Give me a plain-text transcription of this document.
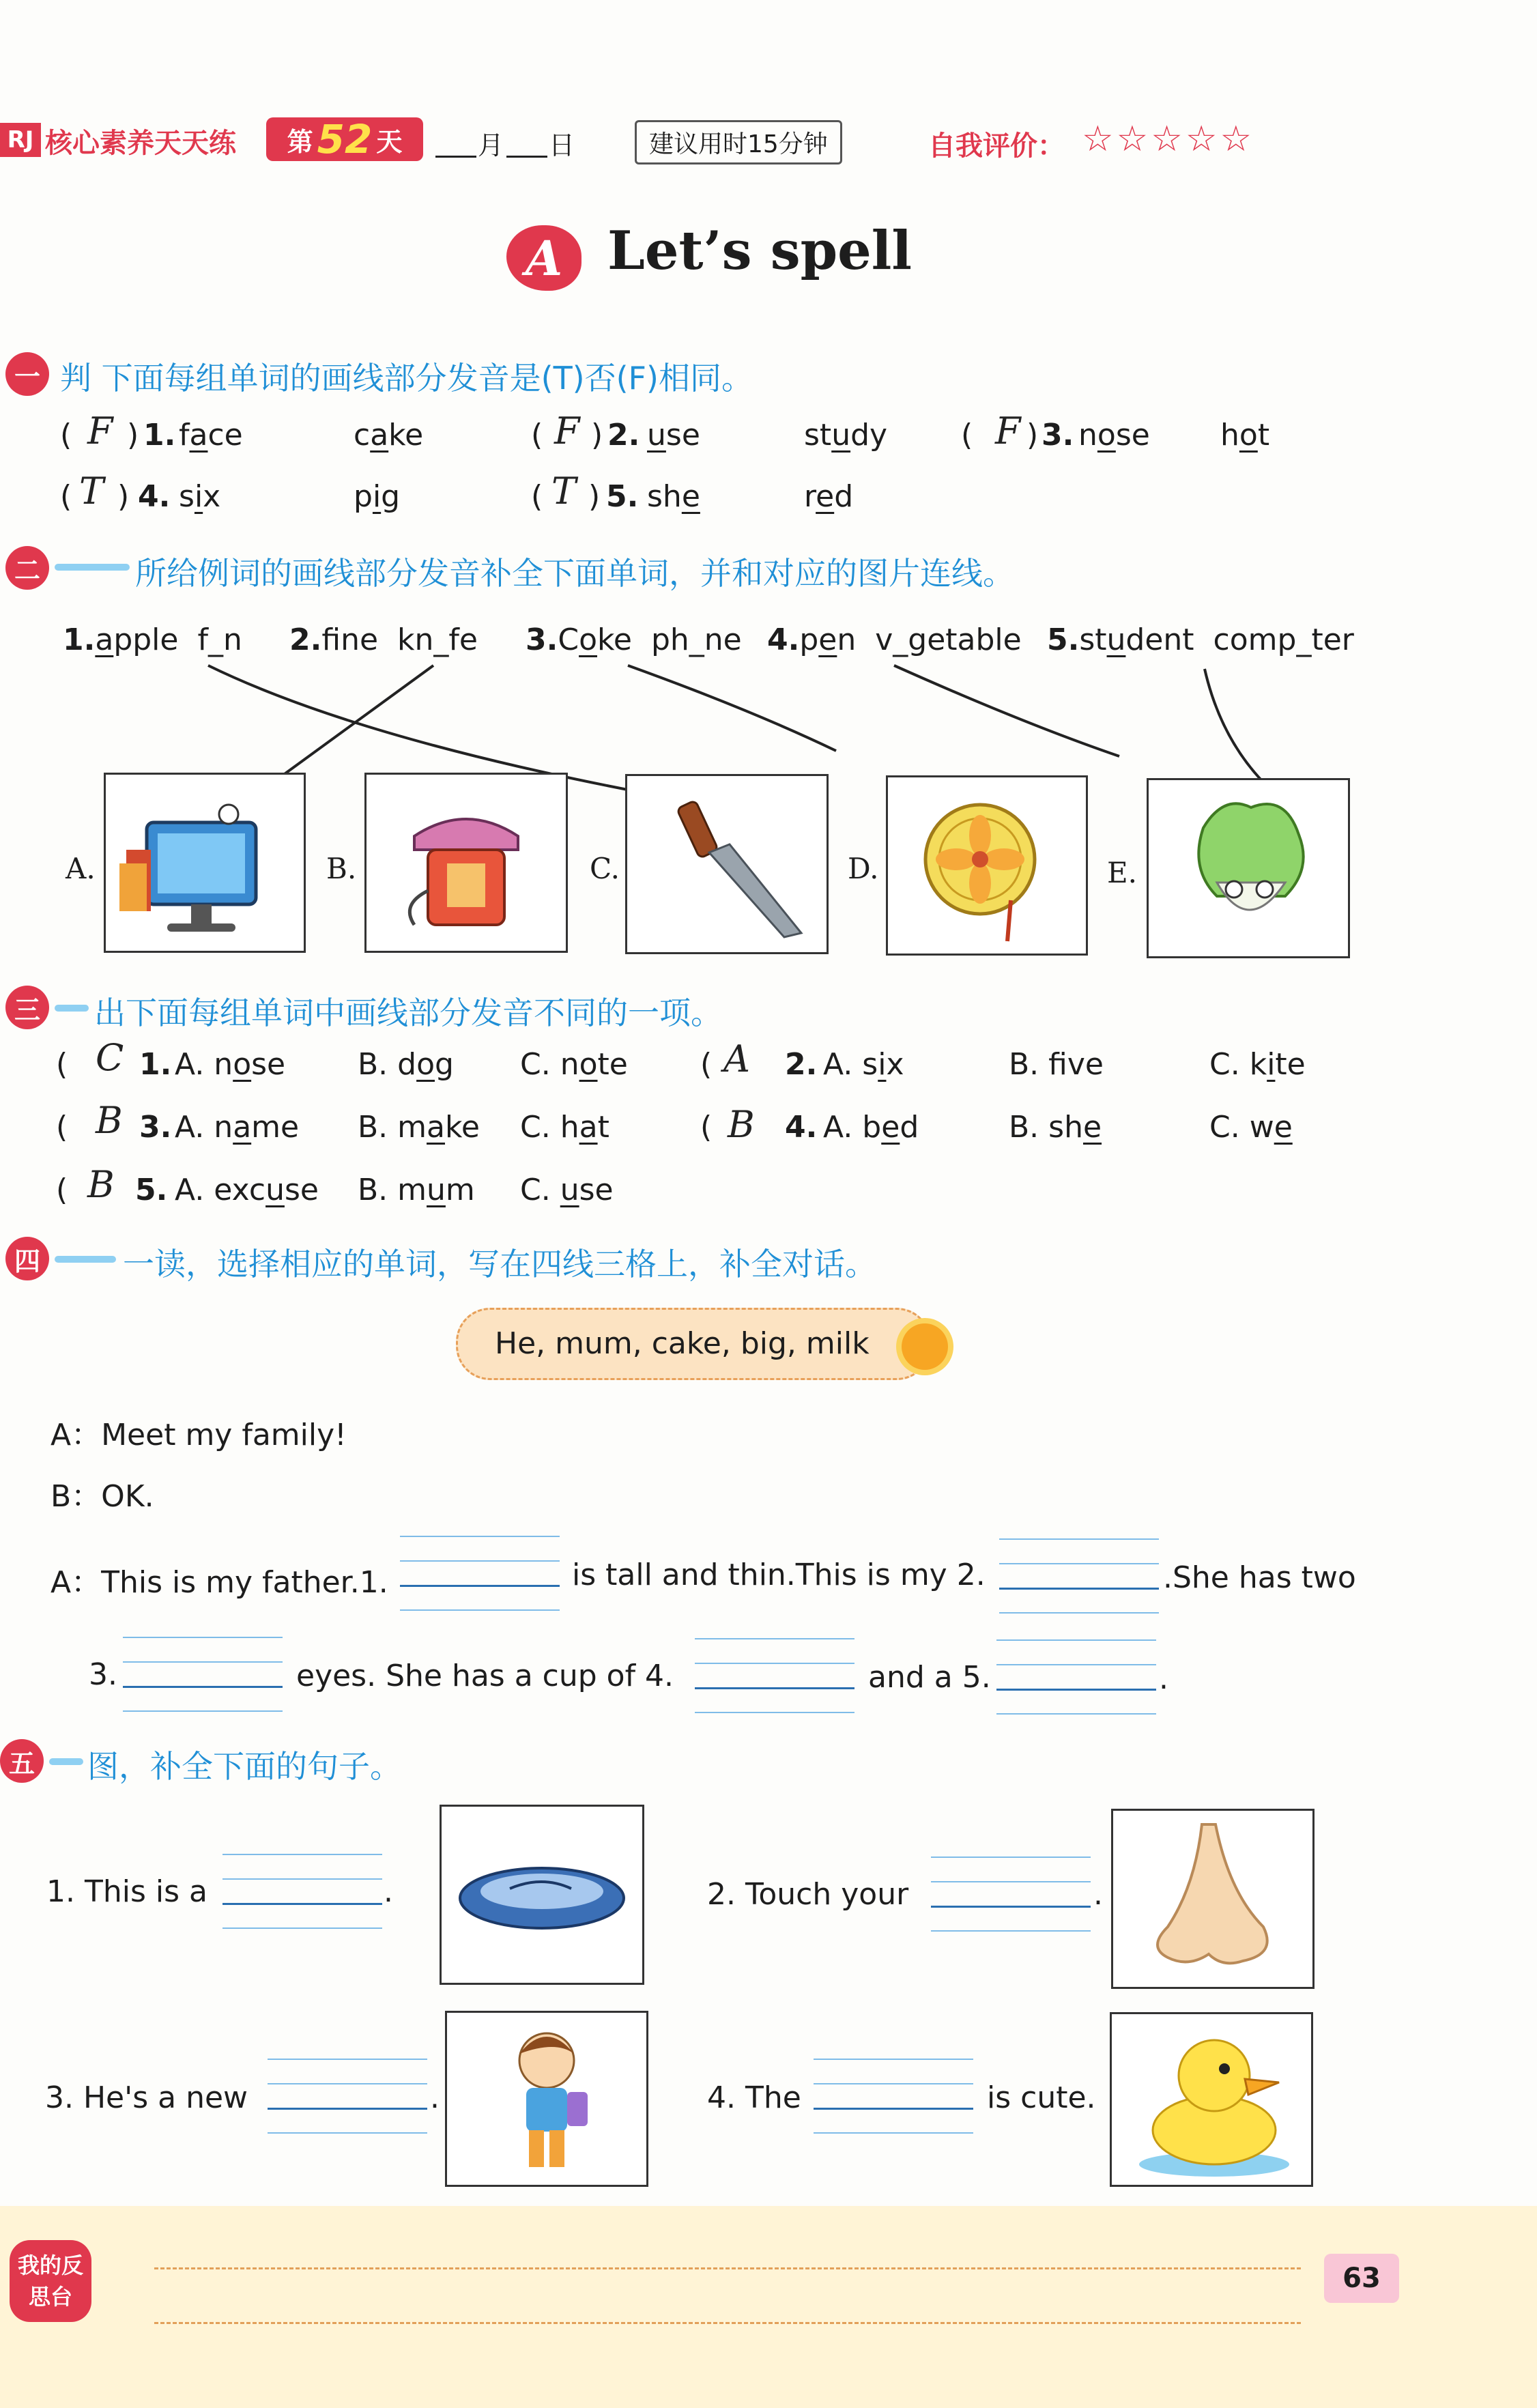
RJ 核心素养天天练 第 52 天	月 日	建议用时15分钟	自我评价： ☆☆☆☆☆
A Let’s spell
一 判 下面每组单词的画线部分发音是(T)否(F)相同。
( F ) 1. face	cake	( F ) 2. use	study ( F ) 3. nose hot
( T ) 4. six	pig	( T ) 5. she	red
二	所给例词的画线部分发音补全下面单词，并和对应的图片连线。
1.apple f_n 2.fne kn_fe 3.Coke ph_ne 4.pen v_getable 5.student comp_ter
A.	B.	C.	D.	E.
三 出下面每组单词中画线部分发音不同的一项。
( C 1. A. nose B. dog C. note ( A 2. A. six	B. fve	C. kite
( B 3. A. name B. make C. hat	( B 4. A. bed	B. she	C. we
( B 5. A. excuse B. mum C. use
四	一读，选择相应的单词，写在四线三格上，补全对话。
He, mum, cake, big, milk
A：Meet my family!
B：OK.
A：This is my father.1.	is tall and thin.This is my 2.	.She has two
3.	eyes. She has a cup of 4.	and a 5.	.
五 图，补全下面的句子。
1. This is a	.	2. Touch your	.
3. He's a new	.	4. The	is cute.
我的反思台
63
